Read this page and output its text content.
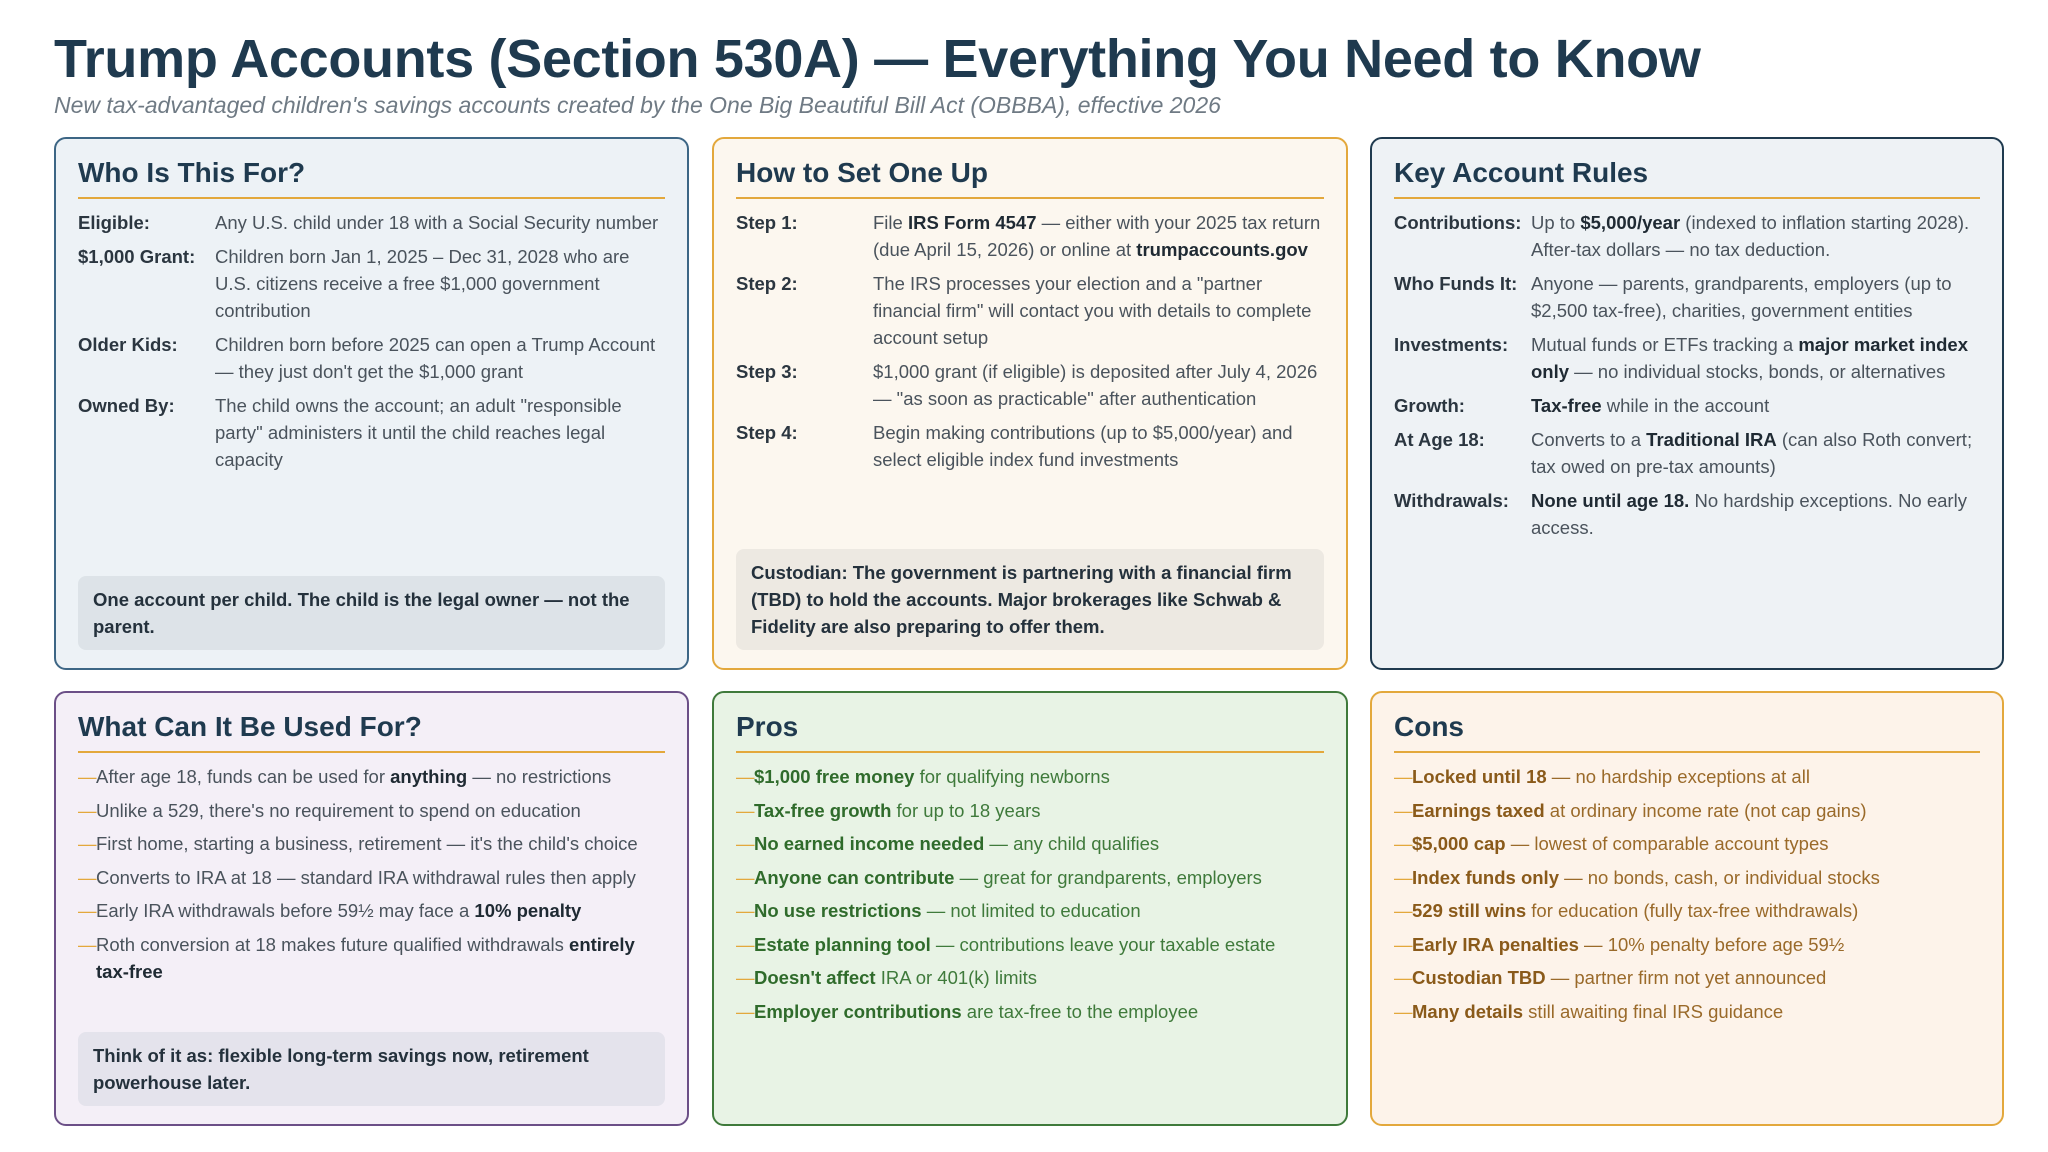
Trump Accounts (Section 530A) — Everything You Need to Know
New tax-advantaged children's savings accounts created by the One Big Beautiful Bill Act (OBBBA), effective 2026
Who Is This For?
Eligible:	Any U.S. child under 18 with a Social Security number
$1,000 Grant:	Children born Jan 1, 2025 – Dec 31, 2028 who are U.S. citizens receive a free $1,000 government contribution
Older Kids:	Children born before 2025 can open a Trump Account — they just don't get the $1,000 grant
Owned By:	The child owns the account; an adult "responsible party" administers it until the child reaches legal capacity
One account per child. The child is the legal owner — not the parent.
How to Set One Up
Step 1:	File IRS Form 4547 — either with your 2025 tax return (due April 15, 2026) or online at trumpaccounts.gov
Step 2:	The IRS processes your election and a "partner financial firm" will contact you with details to complete account setup
Step 3:	$1,000 grant (if eligible) is deposited after July 4, 2026 — "as soon as practicable" after authentication
Step 4:	Begin making contributions (up to $5,000/year) and select eligible index fund investments
Custodian: The government is partnering with a financial firm (TBD) to hold the accounts. Major brokerages like Schwab & Fidelity are also preparing to offer them.
Key Account Rules
Contributions: Up to $5,000/year (indexed to inflation starting 2028). After-tax dollars — no tax deduction.
Who Funds It: Anyone — parents, grandparents, employers (up to $2,500 tax-free), charities, government entities
Investments:	Mutual funds or ETFs tracking a major market index only — no individual stocks, bonds, or alternatives
Growth:	Tax-free while in the account
At Age 18:	Converts to a Traditional IRA (can also Roth convert; tax owed on pre-tax amounts)
Withdrawals:	None until age 18. No hardship exceptions. No early access.
What Can It Be Used For?
— After age 18, funds can be used for anything — no restrictions
— Unlike a 529, there's no requirement to spend on education
— First home, starting a business, retirement — it's the child's choice
— Converts to IRA at 18 — standard IRA withdrawal rules then apply
— Early IRA withdrawals before 59½ may face a 10% penalty
— Roth conversion at 18 makes future qualified withdrawals entirely tax-free
Think of it as: flexible long-term savings now, retirement powerhouse later.
Pros
— $1,000 free money for qualifying newborns
— Tax-free growth for up to 18 years
— No earned income needed — any child qualifies
— Anyone can contribute — great for grandparents, employers
— No use restrictions — not limited to education
— Estate planning tool — contributions leave your taxable estate
— Doesn't affect IRA or 401(k) limits
— Employer contributions are tax-free to the employee
Cons
— Locked until 18 — no hardship exceptions at all
— Earnings taxed at ordinary income rate (not cap gains)
— $5,000 cap — lowest of comparable account types
— Index funds only — no bonds, cash, or individual stocks
— 529 still wins for education (fully tax-free withdrawals)
— Early IRA penalties — 10% penalty before age 59½
— Custodian TBD — partner firm not yet announced
— Many details still awaiting final IRS guidance
